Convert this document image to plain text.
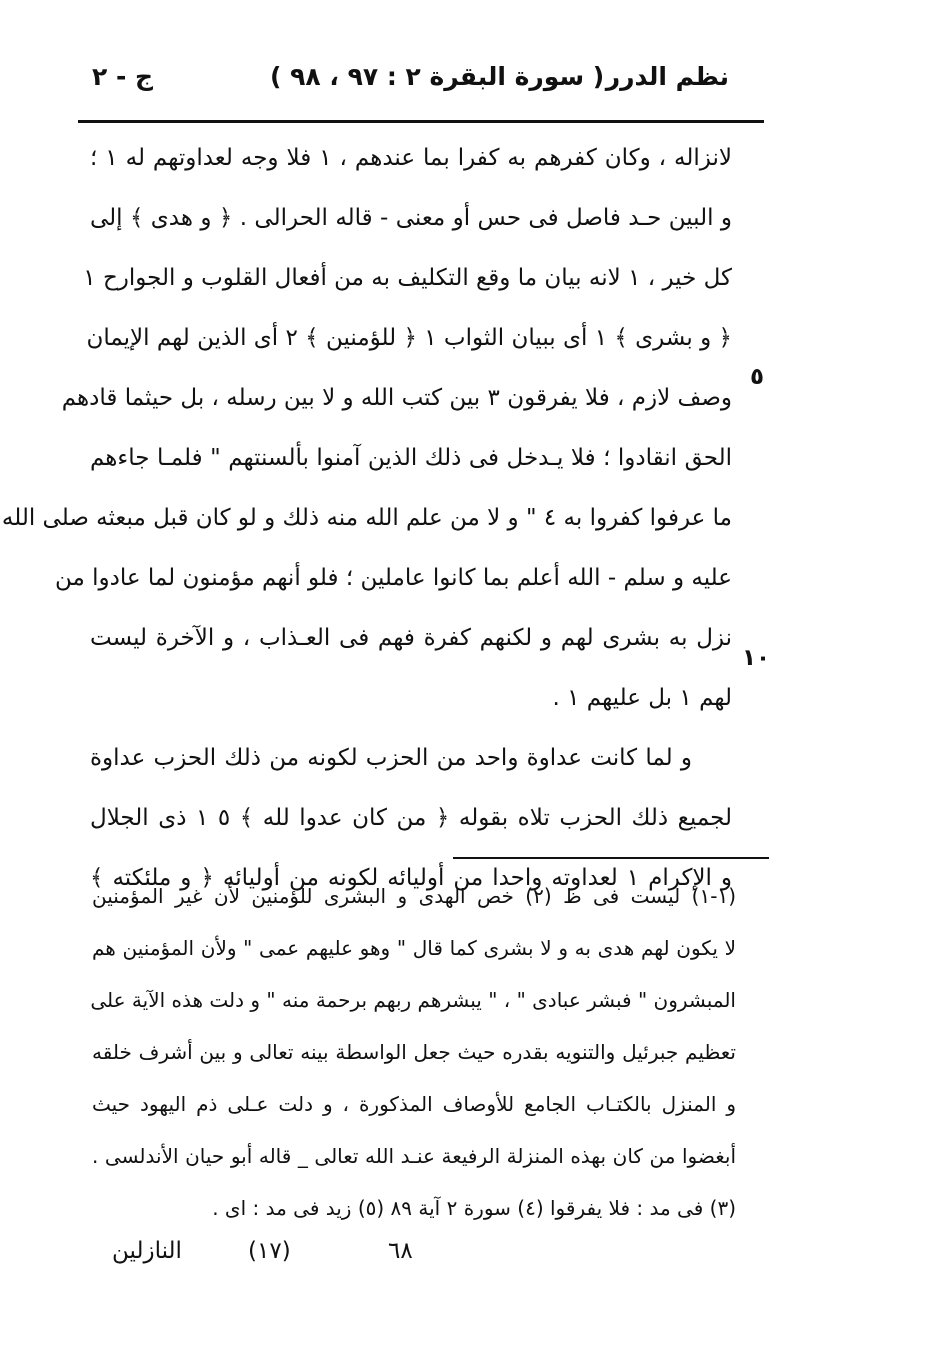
نظم الدرر
( سورة البقرة ٢ : ٩٧ ، ٩٨ )
ج - ٢
لانزاله ، وكان كفرهم به كفرا بما عندهم ، ١ فلا وجه لعداوتهم له ١ ؛
و البين حـد فاصل فى حس أو معنى - قاله الحرالى . ﴿ و هدى ﴾ إلى
كل خير ، ١ لانه بيان ما وقع التكليف به من أفعال القلوب و الجوارح ١
﴿ و بشرى ﴾ ١ أى ببيان الثواب ١ ﴿ للؤمنين ﴾ ٢ أى الذين لهم الإيمان
وصف لازم ، فلا يفرقون ٣ بين كتب الله و لا بين رسله ، بل حيثما قادهم
الحق انقادوا ؛ فلا يـدخل فى ذلك الذين آمنوا بألسنتهم " فلمـا جاءهم
ما عرفوا كفروا به ٤ " و لا من علم الله منه ذلك و لو كان قبل مبعثه صلى الله
عليه و سلم - الله أعلم بما كانوا عاملين ؛ فلو أنهم مؤمنون لما عادوا من
نزل به بشرى لهم و لكنهم كفرة فهم فى العـذاب ، و الآخرة ليست
لهم ١ بل عليهم ١ .
و لما كانت عداوة واحد من الحزب لكونه من ذلك الحزب عداوة
لجميع ذلك الحزب تلاه بقوله ﴿ من كان عدوا لله ﴾ ٥ ١ ذى الجلال
و الإكرام ١ لعداوته واحدا من أوليائه لكونه من أوليائه ﴿ و ملئكته ﴾
٥
١٠
(١-١) ليست فى ظ (٢) خص الهدى و البشرى للؤمنين لأن غير المؤمنين
لا يكون لهم هدى به و لا بشرى كما قال " وهو عليهم عمى " ولأن المؤمنين هم
المبشرون " فبشر عبادى " ، " يبشرهم ربهم برحمة منه " و دلت هذه الآية على
تعظيم جبرئيل والتنويه بقدره حيث جعل الواسطة بينه تعالى و بين أشرف خلقه
و المنزل بالكتـاب الجامع للأوصاف المذكورة ، و دلت عـلى ذم اليهود حيث
أبغضوا من كان بهذه المنزلة الرفيعة عنـد الله تعالى _ قاله أبو حيان الأندلسى .
(٣) فى مد : فلا يفرقوا (٤) سورة ٢ آية ٨٩ (٥) زيد فى مد : اى .
٦٨
(١٧)
النازلين
